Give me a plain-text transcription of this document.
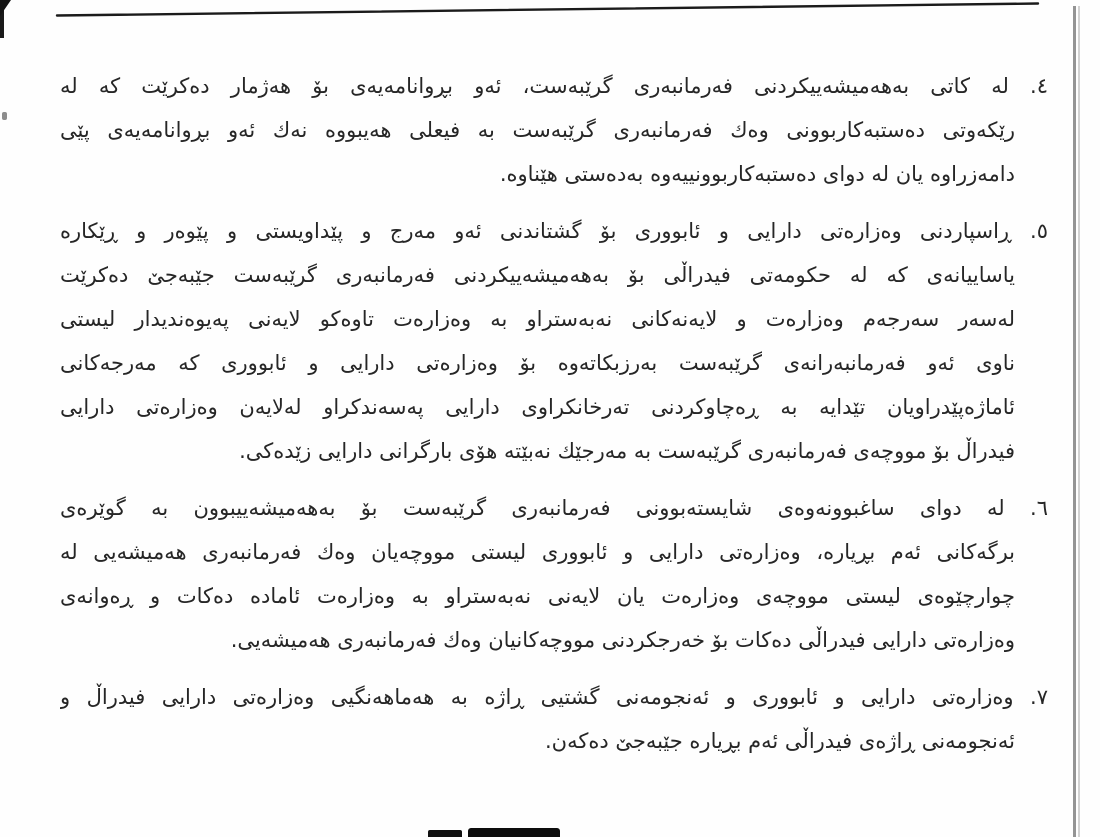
٤. لە كاتى بەهەميشەييكردنى فەرمانبەرى گرێبەست، ئەو بڕوانامەيەى بۆ هەژمار دەكرێت كە لە
رێكەوتى دەستبەكاربوونى وەك فەرمانبەرى گرێبەست بە فيعلى هەيبووە نەك ئەو بڕوانامەيەى پێى
دامەزراوە يان لە دواى دەستبەكاربوونييەوە بەدەستى هێناوە.
٥. ڕاسپاردنى وەزارەتى دارايى و ئابوورى بۆ گشتاندنى ئەو مەرج و پێداويستى و پێوەر و ڕێكارە
ياساييانەى كە لە حكومەتى فيدراڵى بۆ بەهەميشەييكردنى فەرمانبەرى گرێبەست جێبەجێ دەكرێت
لەسەر سەرجەم وەزارەت و لايەنەكانى نەبەستراو بە وەزارەت تاوەكو لايەنى پەيوەنديدار ليستى
ناوى ئەو فەرمانبەرانەى گرێبەست بەرزبكاتەوە بۆ وەزارەتى دارايى و ئابوورى كە مەرجەكانى
ئاماژەپێدراويان تێدايە بە ڕەچاوكردنى تەرخانكراوى دارايى پەسەندكراو لەلايەن وەزارەتى دارايى
فيدراڵ بۆ مووچەى فەرمانبەرى گرێبەست بە مەرجێك نەبێتە هۆى بارگرانى دارايى زێدەكى.
٦. لە دواى ساغبوونەوەى شايستەبوونى فەرمانبەرى گرێبەست بۆ بەهەميشەييبوون بە گوێرەى
برگەكانى ئەم بڕيارە، وەزارەتى دارايى و ئابوورى ليستى مووچەيان وەك فەرمانبەرى هەميشەيى لە
چوارچێوەى ليستى مووچەى وەزارەت يان لايەنى نەبەستراو بە وەزارەت ئامادە دەكات و ڕەوانەى
وەزارەتى دارايى فيدراڵى دەكات بۆ خەرجكردنى مووچەكانيان وەك فەرمانبەرى هەميشەيى.
٧. وەزارەتى دارايى و ئابوورى و ئەنجومەنى گشتيى ڕاژە بە هەماهەنگيى وەزارەتى دارايى فيدراڵ و
ئەنجومەنى ڕاژەى فيدراڵى ئەم بڕيارە جێبەجێ دەكەن.
